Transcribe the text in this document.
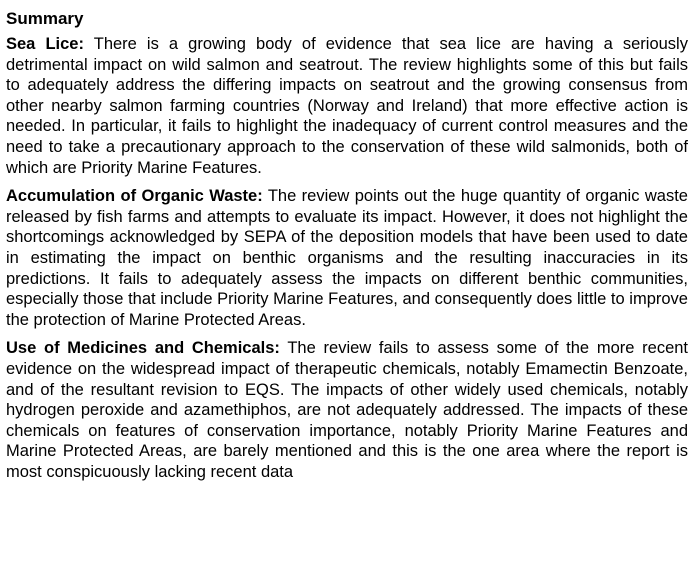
Summary

Sea Lice: There is a growing body of evidence that sea lice are having a seriously detrimental impact on wild salmon and seatrout. The review highlights some of this but fails to adequately address the differing impacts on seatrout and the growing consensus from other nearby salmon farming countries (Norway and Ireland) that more effective action is needed. In particular, it fails to highlight the inadequacy of current control measures and the need to take a precautionary approach to the conservation of these wild salmonids, both of which are Priority Marine Features.

Accumulation of Organic Waste: The review points out the huge quantity of organic waste released by fish farms and attempts to evaluate its impact. However, it does not highlight the shortcomings acknowledged by SEPA of the deposition models that have been used to date in estimating the impact on benthic organisms and the resulting inaccuracies in its predictions. It fails to adequately assess the impacts on different benthic communities, especially those that include Priority Marine Features, and consequently does little to improve the protection of Marine Protected Areas.

Use of Medicines and Chemicals: The review fails to assess some of the more recent evidence on the widespread impact of therapeutic chemicals, notably Emamectin Benzoate, and of the resultant revision to EQS. The impacts of other widely used chemicals, notably hydrogen peroxide and azamethiphos, are not adequately addressed. The impacts of these chemicals on features of conservation importance, notably Priority Marine Features and Marine Protected Areas, are barely mentioned and this is the one area where the report is most conspicuously lacking recent data
